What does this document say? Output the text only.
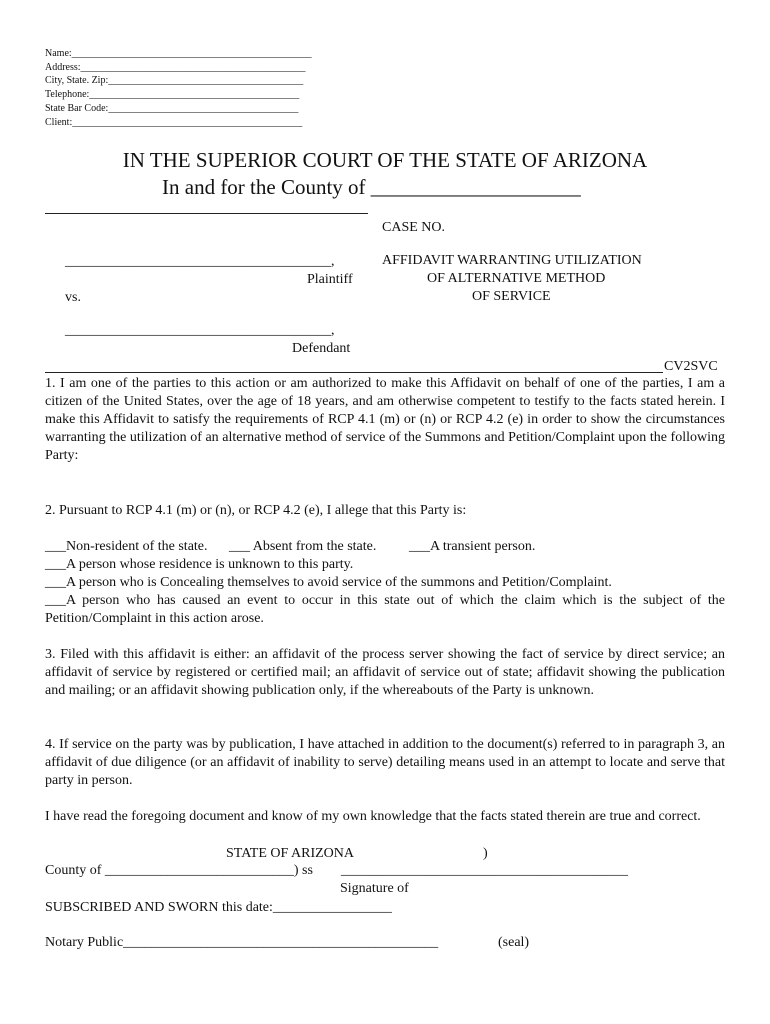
Name:________________________________________________
Address:_____________________________________________
City, State. Zip:_______________________________________
Telephone:__________________________________________
State Bar Code:______________________________________
Client:______________________________________________
IN THE SUPERIOR COURT OF THE STATE OF ARIZONA
In and for the County of ____________________
CASE NO.
______________________________________,
Plaintiff
vs.
AFFIDAVIT WARRANTING UTILIZATION
OF ALTERNATIVE METHOD
OF SERVICE
______________________________________,
Defendant
CV2SVC
1. I am one of the parties to this action or am authorized to make this Affidavit on behalf of one of the parties, I am a citizen of the United States, over the age of 18 years, and am otherwise competent to testify to the facts stated herein. I make this Affidavit to satisfy the requirements of RCP 4.1 (m) or (n) or RCP 4.2 (e) in order to show the circumstances warranting the utilization of an alternative method of service of the Summons and Petition/Complaint upon the following Party:
2. Pursuant to RCP 4.1 (m) or (n), or RCP 4.2 (e), I allege that this Party is:
___Non-resident of the state. ___ Absent from the state. ___A transient person.
___A person whose residence is unknown to this party.
___A person who is Concealing themselves to avoid service of the summons and Petition/Complaint.
___A person who has caused an event to occur in this state out of which the claim which is the subject of the Petition/Complaint in this action arose.
3. Filed with this affidavit is either: an affidavit of the process server showing the fact of service by direct service; an affidavit of service by registered or certified mail; an affidavit of service out of state; affidavit showing the publication and mailing; or an affidavit showing publication only, if the whereabouts of the Party is unknown.
4. If service on the party was by publication, I have attached in addition to the document(s) referred to in paragraph 3, an affidavit of due diligence (or an affidavit of inability to serve) detailing means used in an attempt to locate and serve that party in person.
I have read the foregoing document and know of my own knowledge that the facts stated therein are true and correct.
STATE OF ARIZONA	)
County of ___________________________) ss _________________________________________
Signature of
SUBSCRIBED AND SWORN this date:_________________
Notary Public_____________________________________________	(seal)
